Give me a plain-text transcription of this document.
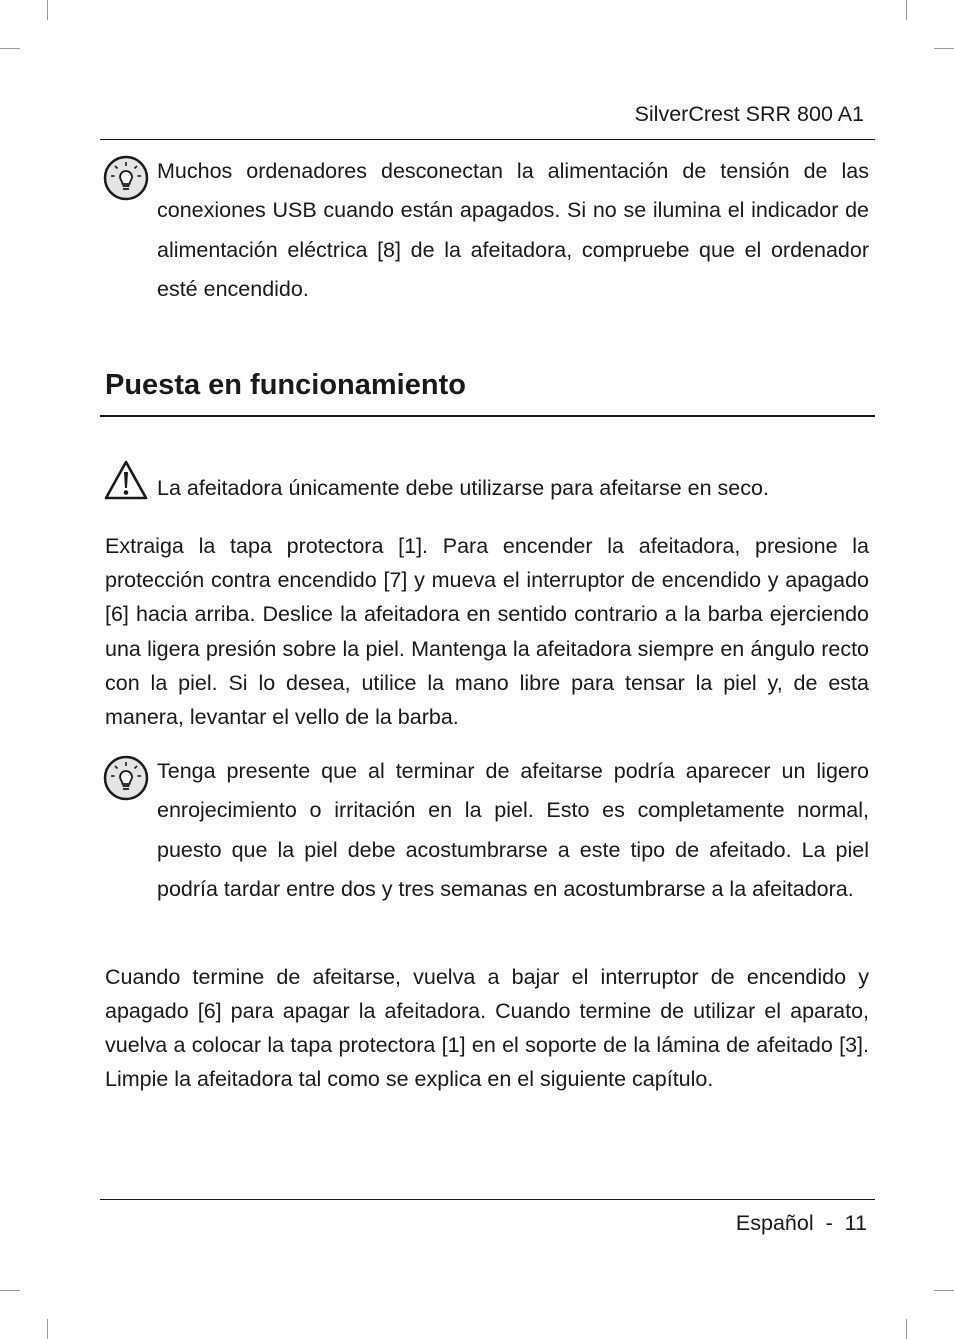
SilverCrest SRR 800 A1

Muchos ordenadores desconectan la alimentación de tensión de las conexiones USB cuando están apagados. Si no se ilumina el indicador de alimentación eléctrica [8] de la afeitadora, compruebe que el ordenador esté encendido.

Puesta en funcionamiento
La afeitadora únicamente debe utilizarse para afeitarse en seco.

Extraiga la tapa protectora [1]. Para encender la afeitadora, presione la protección contra encendido [7] y mueva el interruptor de encendido y apagado [6] hacia arriba. Deslice la afeitadora en sentido contrario a la barba ejerciendo una ligera presión sobre la piel. Mantenga la afeitadora siempre en ángulo recto con la piel. Si lo desea, utilice la mano libre para tensar la piel y, de esta manera, levantar el vello de la barba.

Tenga presente que al terminar de afeitarse podría aparecer un ligero enrojecimiento o irritación en la piel. Esto es completamente normal, puesto que la piel debe acostumbrarse a este tipo de afeitado. La piel podría tardar entre dos y tres semanas en acostumbrarse a la afeitadora.

Cuando termine de afeitarse, vuelva a bajar el interruptor de encendido y apagado [6] para apagar la afeitadora. Cuando termine de utilizar el aparato, vuelva a colocar la tapa protectora [1] en el soporte de la lámina de afeitado [3]. Limpie la afeitadora tal como se explica en el siguiente capítulo.

Español  -  11
